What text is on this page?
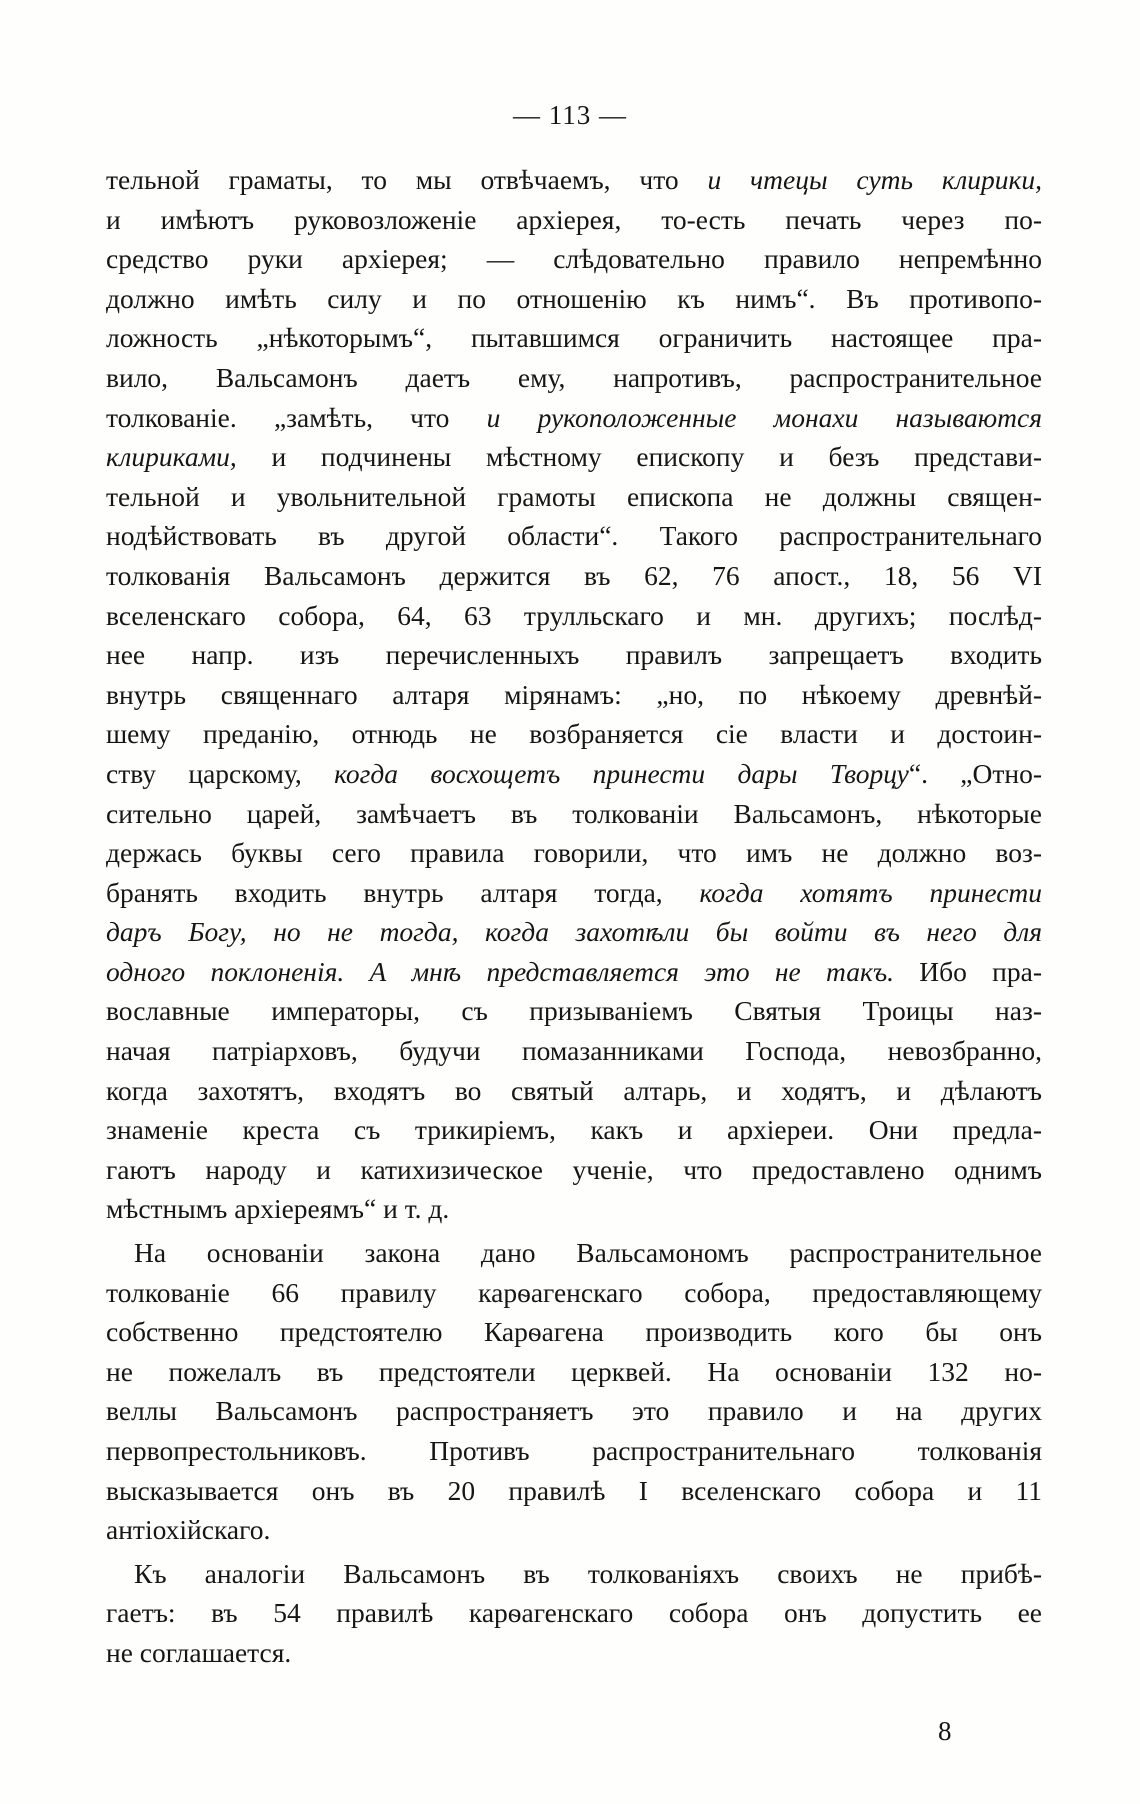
— 113 —
тельной грамaты, то мы отвѣчаемъ, что и чтецы суть клирики,
и имѣютъ руковозложеніе архіерея, то-есть печать через по-
средство руки архіерея; — слѣдовательно правило непремѣнно
должно имѣть силу и по отношенію къ нимъ“. Въ противопо-
ложность „нѣкоторымъ“, пытавшимся ограничить настоящее пра-
вило, Вальсамонъ даетъ ему, напротивъ, распространительное
толкованіе. „замѣть, что и рукоположенные монахи называются
клириками, и подчинены мѣстному епископу и безъ представи-
тельной и увольнительной грамоты епископа не должны священ-
нодѣйствовать въ другой области“. Такого распространительнаго
толкованія Вальсамонъ держится въ 62, 76 апост., 18, 56 VI
вселенскаго собора, 64, 63 трулльскаго и мн. другихъ; послѣд-
нее напр. изъ перечисленныхъ правилъ запрещаетъ входить
внутрь священнаго алтаря мірянамъ: „но, по нѣкоему древнѣй-
шему преданію, отнюдь не возбраняется сіе власти и достоин-
ству царскому, когда восхощетъ принести дары Творцу“. „Отно-
сительно царей, замѣчаетъ въ толкованіи Вальсамонъ, нѣкоторые
держась буквы сего правила говорили, что имъ не должно воз-
бранять входить внутрь алтаря тогда, когда хотятъ принести
даръ Богу, но не тогда, когда захотѣли бы войти въ него для
одного поклоненія. А мнѣ представляется это не такъ. Ибо пра-
вославные императоры, съ призываніемъ Святыя Троицы наз-
начая патріарховъ, будучи помазанниками Господа, невозбранно,
когда захотятъ, входятъ во святый алтарь, и ходятъ, и дѣлаютъ
знаменіе креста съ трикиріемъ, какъ и архіереи. Они предла-
гаютъ народу и катихизическое ученіе, что предоставлено однимъ
мѣстнымъ архіереямъ“ и т. д.
На основаніи закона дано Вальсамономъ распространительное
толкованіе 66 правилу карѳагенскаго собора, предоставляющему
собственно предстоятелю Карѳагена производить кого бы онъ
не пожелалъ въ предстоятели церквей. На основаніи 132 но-
веллы Вальсамонъ распространяетъ это правило и на других
первопрестольниковъ. Противъ распространительнаго толкованія
высказывается онъ въ 20 правилѣ I вселенскаго собора и 11
антіохійскаго.
Къ аналогіи Вальсамонъ въ толкованіяхъ своихъ не прибѣ-
гаетъ: въ 54 правилѣ карѳагенскаго собора онъ допустить ее
не соглашается.
8
